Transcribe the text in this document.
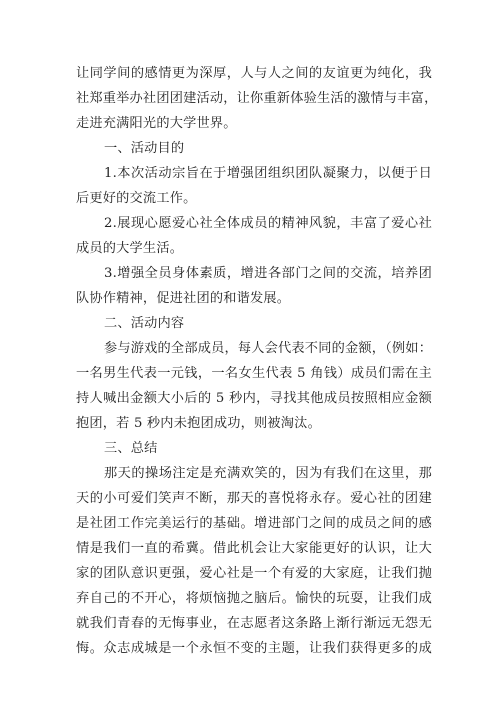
让同学间的感情更为深厚，人与人之间的友谊更为纯化，我
社郑重举办社团团建活动，让你重新体验生活的激情与丰富，
走进充满阳光的大学世界。
一、活动目的
1.本次活动宗旨在于增强团组织团队凝聚力，以便于日
后更好的交流工作。
2.展现心愿爱心社全体成员的精神风貌，丰富了爱心社
成员的大学生活。
3.增强全员身体素质，增进各部门之间的交流，培养团
队协作精神，促进社团的和谐发展。
二、活动内容
参与游戏的全部成员，每人会代表不同的金额，（例如：
一名男生代表一元钱，一名女生代表 5 角钱）成员们需在主
持人喊出金额大小后的 5 秒内，寻找其他成员按照相应金额
抱团，若 5 秒内未抱团成功，则被淘汰。
三、总结
那天的操场注定是充满欢笑的，因为有我们在这里，那
天的小可爱们笑声不断，那天的喜悦将永存。爱心社的团建
是社团工作完美运行的基础。增进部门之间的成员之间的感
情是我们一直的希冀。借此机会让大家能更好的认识，让大
家的团队意识更强，爱心社是一个有爱的大家庭，让我们抛
弃自己的不开心，将烦恼抛之脑后。愉快的玩耍，让我们成
就我们青春的无悔事业，在志愿者这条路上渐行渐远无怨无
悔。众志成城是一个永恒不变的主题，让我们获得更多的成
